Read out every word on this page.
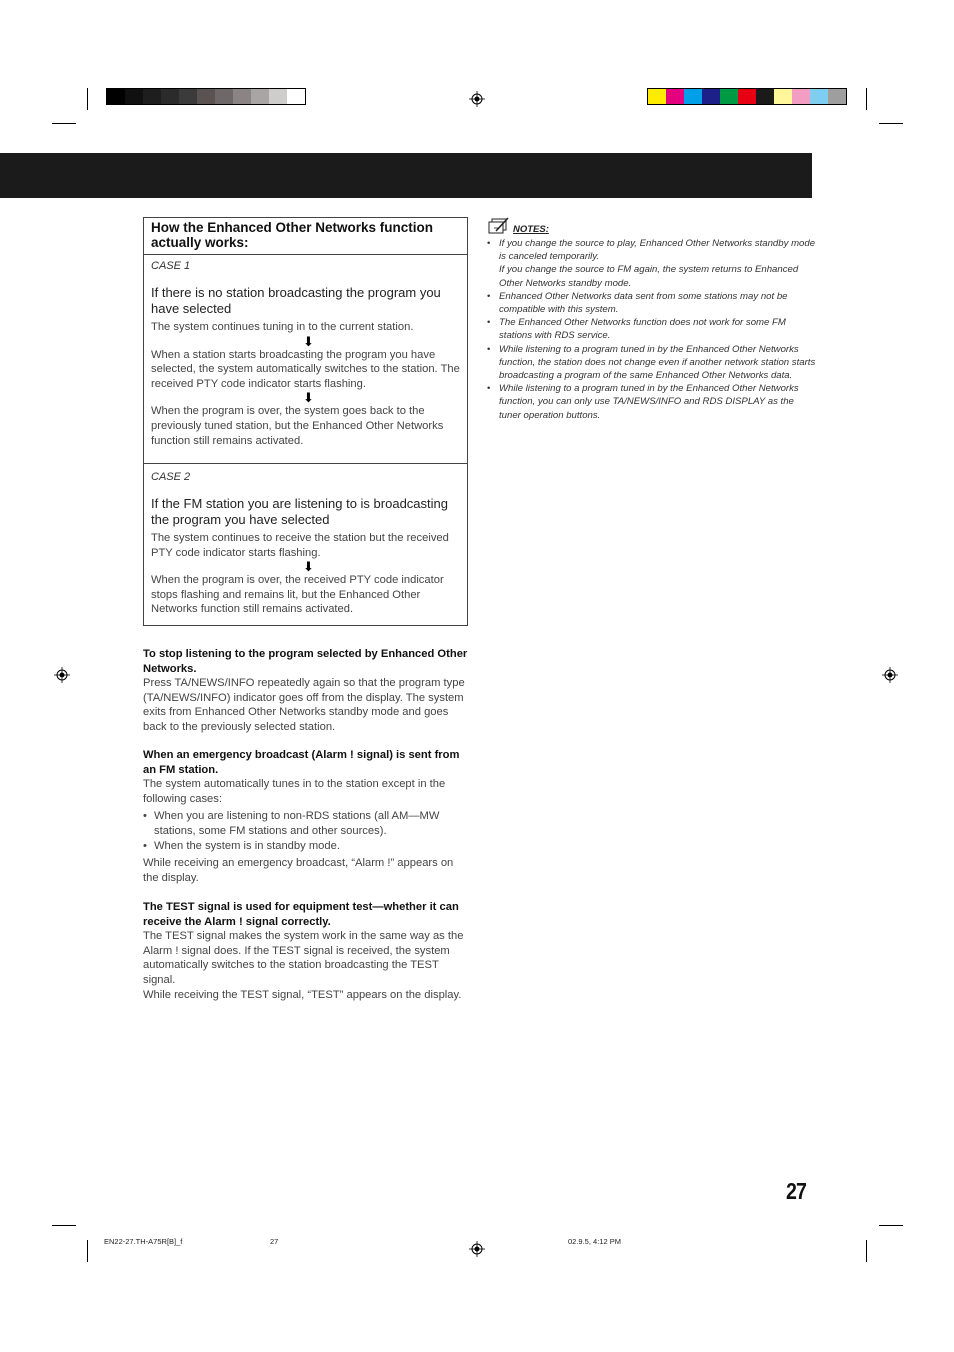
How the Enhanced Other Networks function actually works:
CASE 1
If there is no station broadcasting the program you have selected
The system continues tuning in to the current station.
⬇
When a station starts broadcasting the program you have selected, the system automatically switches to the station. The received PTY code indicator starts flashing.
⬇
When the program is over, the system goes back to the previously tuned station, but the Enhanced Other Networks function still remains activated.
CASE 2
If the FM station you are listening to is broadcasting the program you have selected
The system continues to receive the station but the received PTY code indicator starts flashing.
⬇
When the program is over, the received PTY code indicator stops flashing and remains lit, but the Enhanced Other Networks function still remains activated.
To stop listening to the program selected by Enhanced Other Networks.
Press TA/NEWS/INFO repeatedly again so that the program type (TA/NEWS/INFO) indicator goes off from the display. The system exits from Enhanced Other Networks standby mode and goes back to the previously selected station.
When an emergency broadcast (Alarm ! signal) is sent from an FM station.
The system automatically tunes in to the station except in the following cases:
• When you are listening to non-RDS stations (all AM—MW stations, some FM stations and other sources).
• When the system is in standby mode.
While receiving an emergency broadcast, “Alarm !” appears on the display.
The TEST signal is used for equipment test—whether it can receive the Alarm ! signal correctly.
The TEST signal makes the system work in the same way as the Alarm ! signal does. If the TEST signal is received, the system automatically switches to the station broadcasting the TEST signal.
While receiving the TEST signal, “TEST” appears on the display.
NOTES:
• If you change the source to play, Enhanced Other Networks standby mode is canceled temporarily.
If you change the source to FM again, the system returns to Enhanced Other Networks standby mode.
• Enhanced Other Networks data sent from some stations may not be compatible with this system.
• The Enhanced Other Networks function does not work for some FM stations with RDS service.
• While listening to a program tuned in by the Enhanced Other Networks function, the station does not change even if another network station starts broadcasting a program of the same Enhanced Other Networks data.
• While listening to a program tuned in by the Enhanced Other Networks function, you can only use TA/NEWS/INFO and RDS DISPLAY as the tuner operation buttons.
27
EN22-27.TH-A75R[B]_f	27	02.9.5, 4:12 PM
